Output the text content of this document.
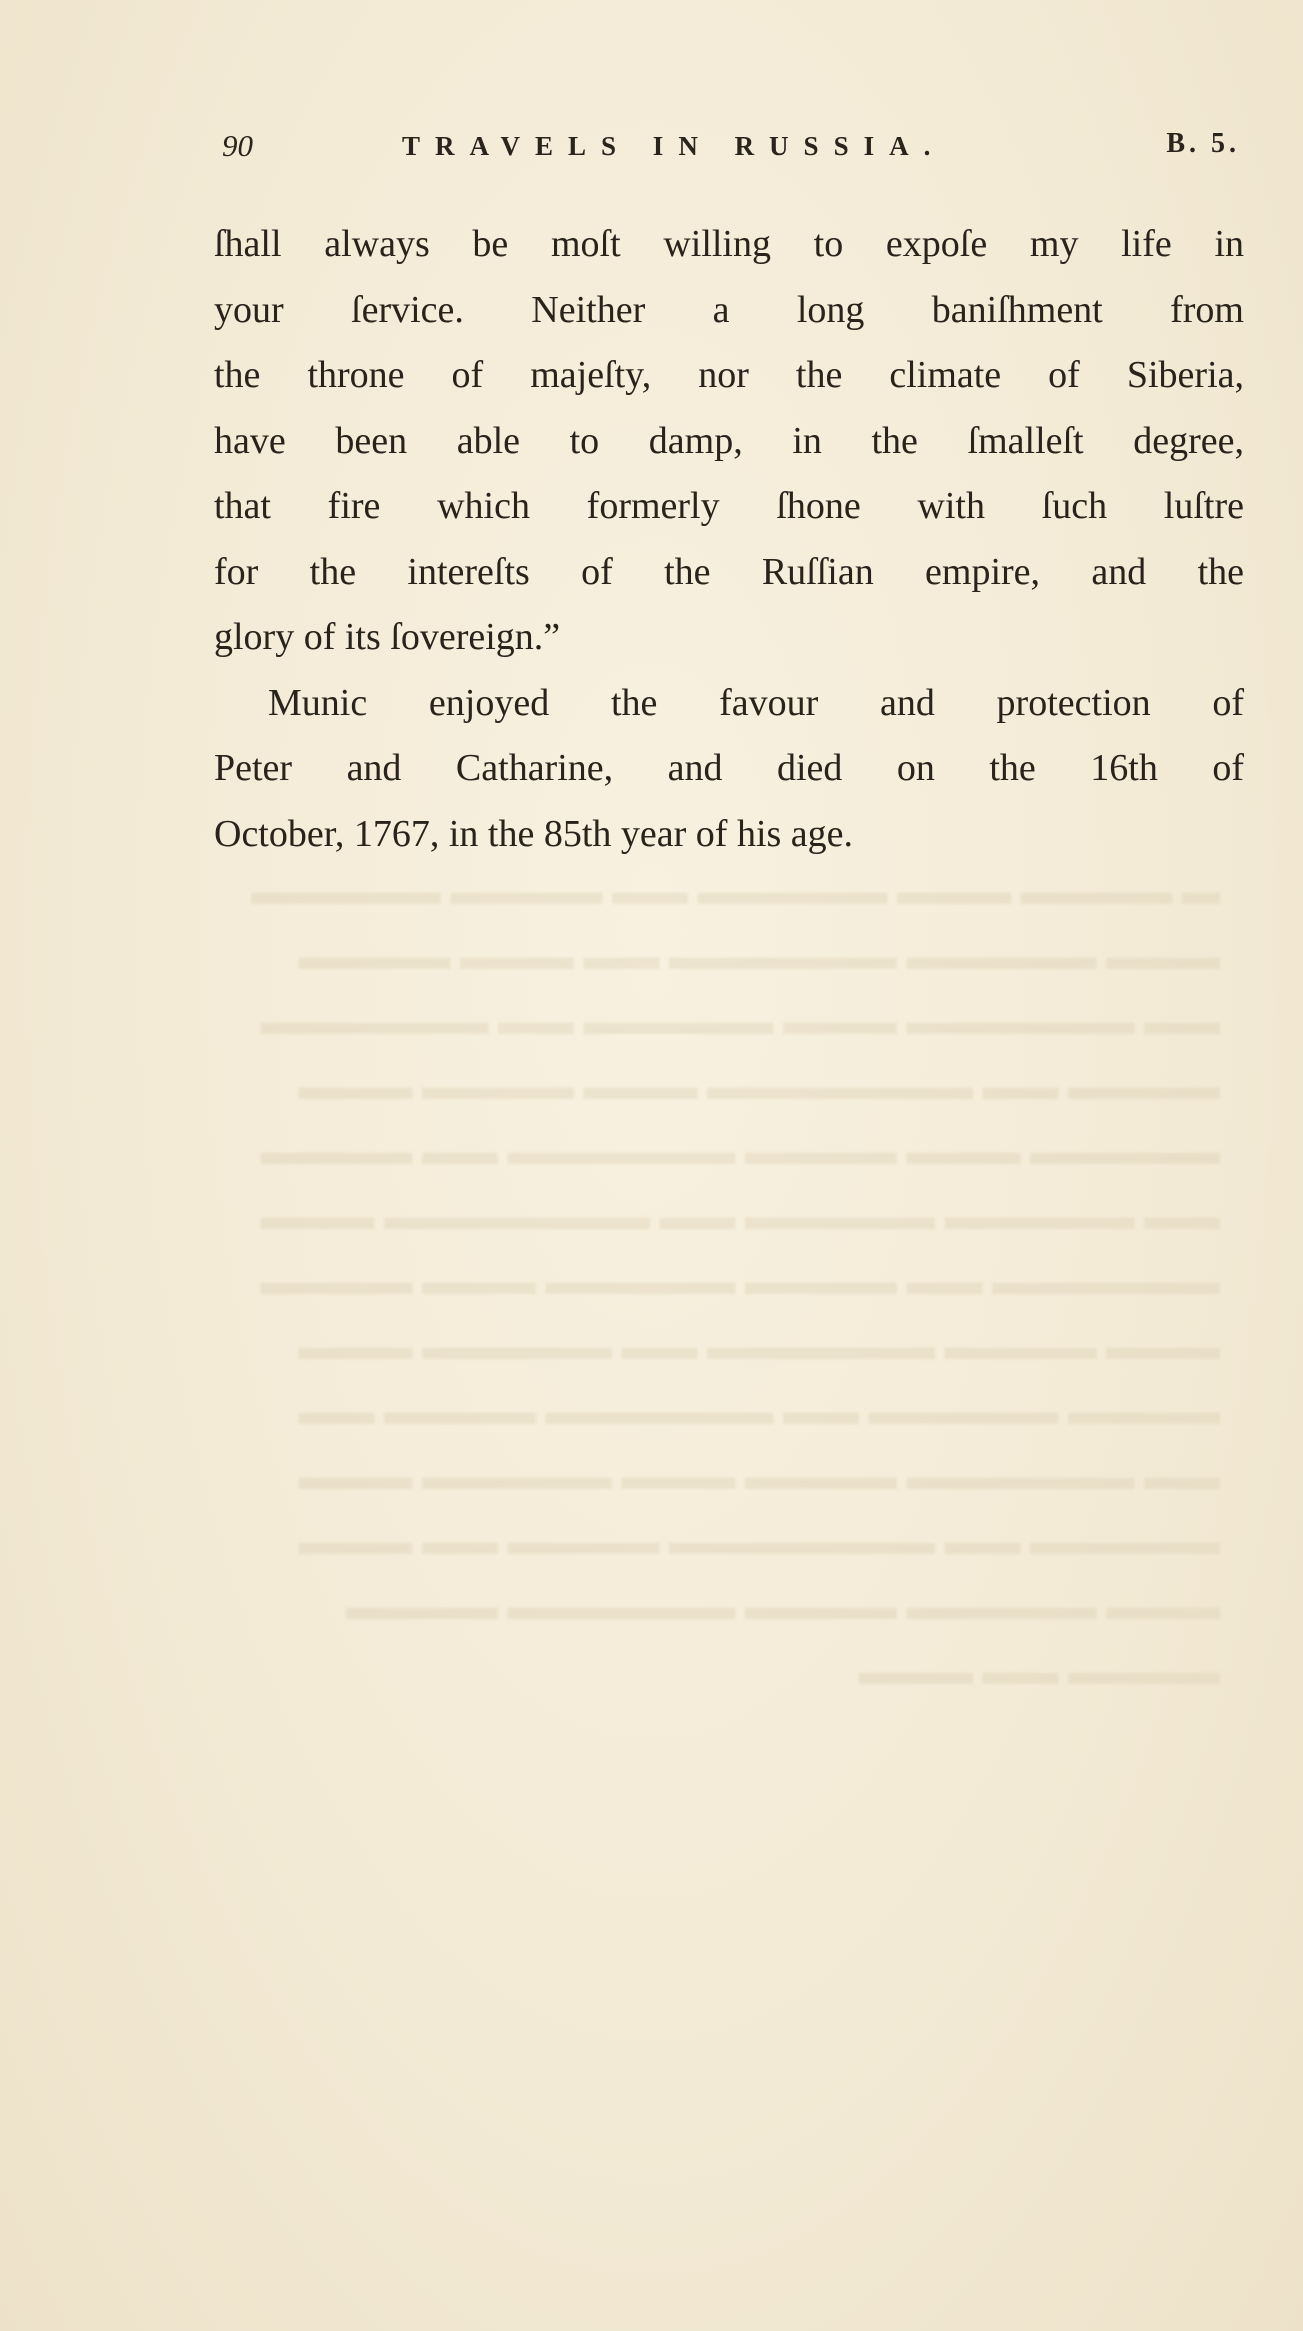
90	TRAVELS IN RUSSIA.	B. 5.
ſhall always be moſt willing to expoſe my life in
your ſervice. Neither a long baniſhment from
the throne of majeſty, nor the climate of Siberia,
have been able to damp, in the ſmalleſt degree,
that fire which formerly ſhone with ſuch luſtre
for the intereſts of the Ruſſian empire, and the
glory of its ſovereign.”
Munic enjoyed the favour and protection of
Peter and Catharine, and died on the 16th of
October, 1767, in the 85th year of his age.
▬ ▬▬▬▬ ▬▬▬ ▬▬▬▬▬ ▬▬ ▬▬▬▬ ▬▬▬▬▬
▬▬▬ ▬▬▬▬▬ ▬▬▬▬▬▬ ▬▬ ▬▬▬ ▬▬▬▬
▬▬ ▬▬▬▬▬▬ ▬▬▬ ▬▬▬▬▬ ▬▬ ▬▬▬▬▬▬
▬▬▬▬ ▬▬ ▬▬▬▬▬▬▬ ▬▬▬ ▬▬▬▬ ▬▬▬
▬▬▬▬▬ ▬▬▬ ▬▬▬▬ ▬▬▬▬▬▬ ▬▬ ▬▬▬▬
▬▬ ▬▬▬▬▬ ▬▬▬▬▬ ▬▬ ▬▬▬▬▬▬▬ ▬▬▬
▬▬▬▬▬▬ ▬▬ ▬▬▬▬ ▬▬▬▬▬ ▬▬▬ ▬▬▬▬
▬▬▬ ▬▬▬▬ ▬▬▬▬▬▬ ▬▬ ▬▬▬▬▬ ▬▬▬
▬▬▬▬ ▬▬▬▬▬ ▬▬ ▬▬▬▬▬▬ ▬▬▬▬ ▬▬
▬▬ ▬▬▬▬▬▬ ▬▬▬▬ ▬▬▬ ▬▬▬▬▬ ▬▬▬
▬▬▬▬▬ ▬▬ ▬▬▬▬▬▬▬ ▬▬▬▬ ▬▬ ▬▬▬
▬▬▬ ▬▬▬▬▬ ▬▬▬▬ ▬▬▬▬▬▬ ▬▬▬▬
▬▬▬▬ ▬▬ ▬▬▬
